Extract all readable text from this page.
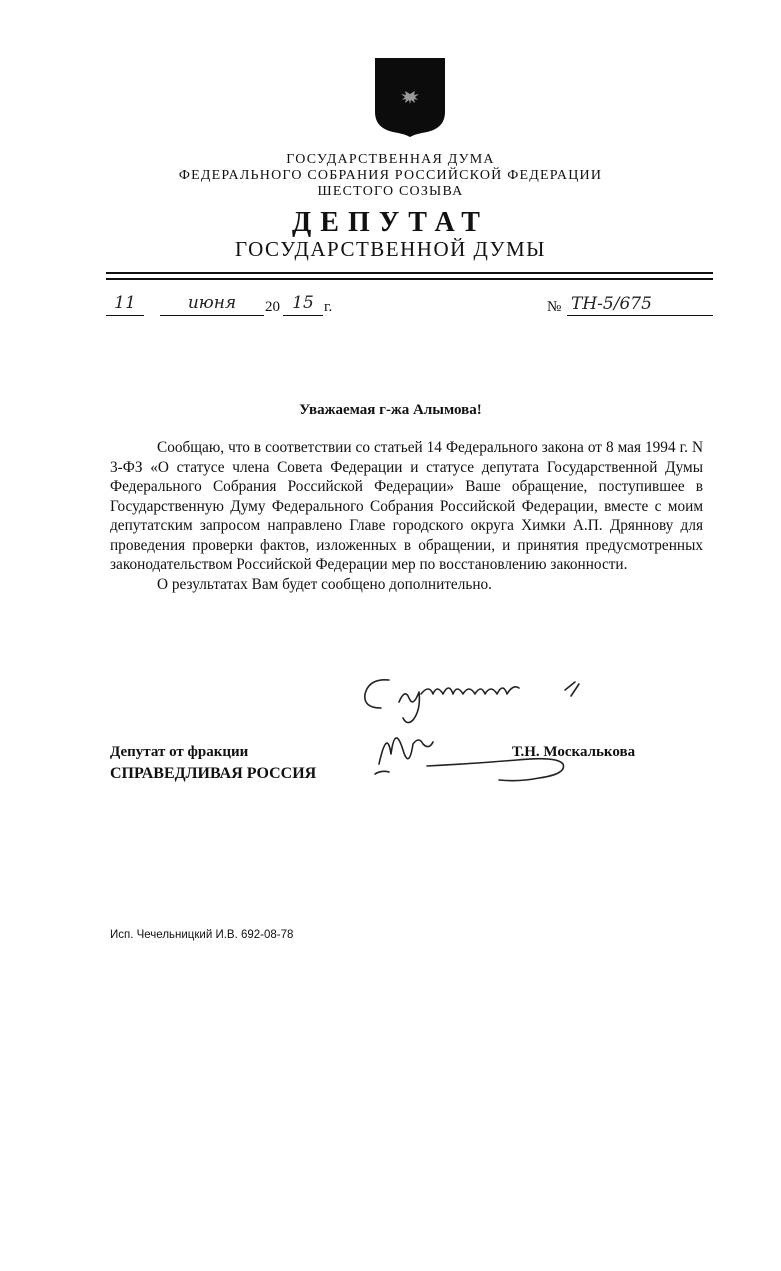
ГОСУДАРСТВЕННАЯ ДУМА
ФЕДЕРАЛЬНОГО СОБРАНИЯ РОССИЙСКОЙ ФЕДЕРАЦИИ
ШЕСТОГО СОЗЫВА
ДЕПУТАТ
ГОСУДАРСТВЕННОЙ ДУМЫ
11	июня	20 15 г.	№ ТН-5/675

Уважаемая г-жа Алымова!

Сообщаю, что в соответствии со статьей 14 Федерального закона от 8 мая 1994 г. N 3-ФЗ «О статусе члена Совета Федерации и статусе депутата Государственной Думы Федерального Собрания Российской Федерации» Ваше обращение, поступившее в Государственную Думу Федерального Собрания Российской Федерации, вместе с моим депутатским запросом направлено Главе городского округа Химки А.П. Дряннову для проведения проверки фактов, изложенных в обращении, и принятия предусмотренных законодательством Российской Федерации мер по восстановлению законности.

О результатах Вам будет сообщено дополнительно.

Депутат от фракции
СПРАВЕДЛИВАЯ РОССИЯ
Т.Н. Москалькова
Исп. Чечельницкий И.В. 692-08-78
